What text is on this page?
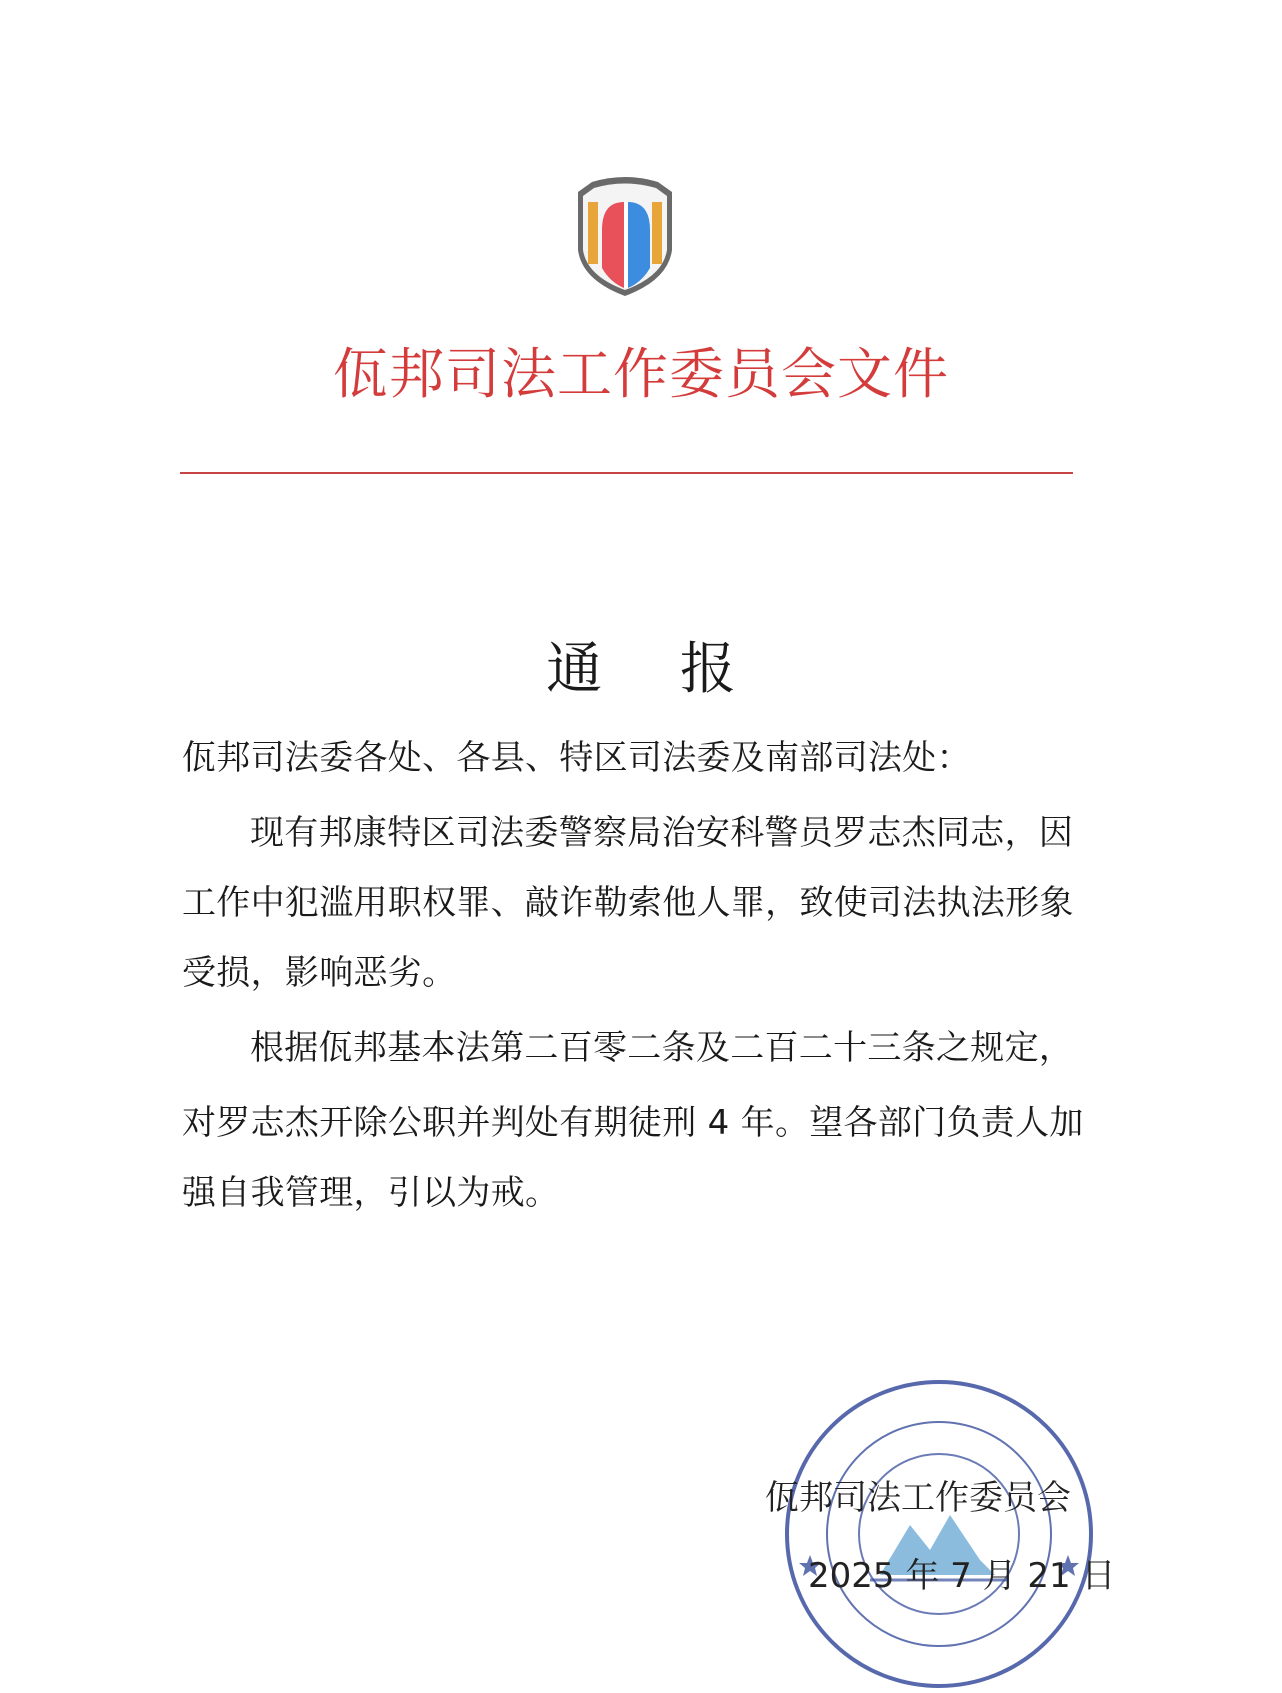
佤邦司法工作委员会文件
通 报
佤邦司法委各处、各县、特区司法委及南部司法处：
现有邦康特区司法委警察局治安科警员罗志杰同志，因
工作中犯滥用职权罪、敲诈勒索他人罪，致使司法执法形象
受损，影响恶劣。
根据佤邦基本法第二百零二条及二百二十三条之规定，
对罗志杰开除公职并判处有期徒刑 4 年。望各部门负责人加
强自我管理，引以为戒。
佤邦司法工作委员会
2025 年 7 月 21 日
